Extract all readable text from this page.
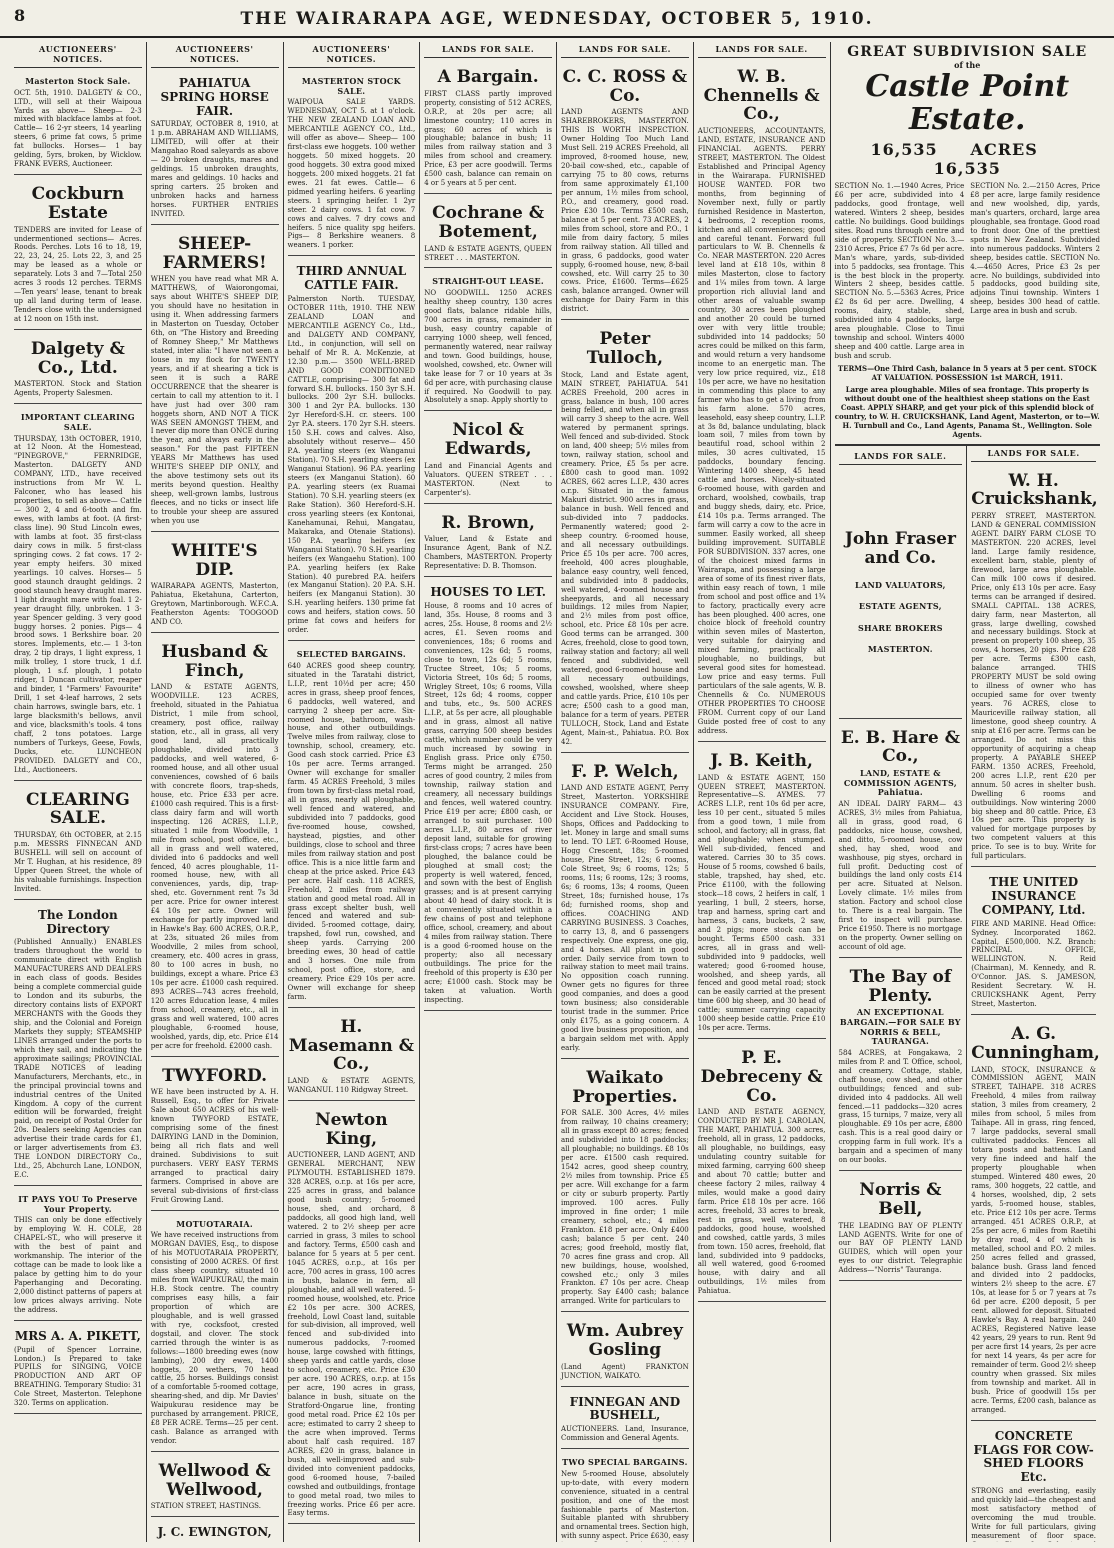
8	THE WAIRARAPA AGE, WEDNESDAY, OCTOBER 5, 1910.
AUCTIONEERS' NOTICES.
Masterton Stock Sale.
OCT. 5th, 1910. DALGETY & CO., LTD., will sell at their Waipoua Yards as above— Sheep— 2-3 mixed with blackface lambs at foot. Cattle— 16 2-yr steers, 14 yearling steers, 6 prime fat cows, 5 prime fat bullocks. Horses— 1 bay gelding, 5yrs, broken, by Wicklow. FRANK EVERS, Auctioneer.
Cockburn Estate
TENDERS are invited for Lease of undermentioned sections— Acres. Roods. Perches. Lots 16 to 18, 19, 22, 23, 24, 25. Lots 22, 3, and 25 may be leased as a whole or separately. Lots 3 and 7—Total 250 acres 3 roods 12 perches. TERMS—Ten years' lease, tenant to break up all land during term of lease. Tenders close with the undersigned at 12 noon on 15th inst.
Dalgety & Co., Ltd.
MASTERTON. Stock and Station Agents, Property Salesmen.
IMPORTANT CLEARING SALE.
THURSDAY, 13th OCTOBER, 1910, at 12 Noon. At the Homestead, "PINEGROVE," FERNRIDGE, Masterton. DALGETY AND COMPANY, LTD., have received instructions from Mr W. L. Falconer, who has leased his properties, to sell as above— Cattle— 300 2, 4 and 6-tooth and fm. ewes, with lambs at foot. (A first-class line). 90 Stud Lincoln ewes, with lambs at foot. 35 first-class dairy cows in milk. 5 first-class springing cows. 2 fat cows. 17 2-year empty heifers. 30 mixed yearlings. 10 calves. Horses— 5 good staunch draught geldings. 2 good staunch heavy draught mares. 1 light draught mare with foal. 1 2-year draught filly, unbroken. 1 3-year Spencer gelding. 3 very good buggy horses. 2 ponies. Pigs— 4 brood sows. 1 Berkshire boar. 20 stores. Implements, etc.— 1 3-ton dray, 2 tip drays, 1 light express, 1 milk trolley, 1 store truck, 1 d.f. plough, 1 s.f. plough, 1 potato ridger, 1 Duncan cultivator, reaper and binder, 1 "Farmers' Favourite" Drill, 1 set 4-leaf harrows, 2 sets chain harrows, swingle bars, etc. 1 large blacksmith's bellows, anvil and vice, blacksmith's tools. 4 tons chaff, 2 tons potatoes. Large numbers of Turkeys, Geese, Fowls, Ducks, etc. LUNCHEON PROVIDED. DALGETY and CO., Ltd., Auctioneers.
CLEARING SALE.
THURSDAY, 6th OCTOBER, at 2.15 p.m. MESSRS FINNECAN AND BUSHELL will sell on account of Mr T. Hughan, at his residence, 89 Upper Queen Street, the whole of his valuable furnishings. Inspection Invited.
The London Directory
(Published Annually.) ENABLES traders throughout the world to communicate direct with English MANUFACTURERS AND DEALERS in each class of goods. Besides being a complete commercial guide to London and its suburbs, the directory contains lists of EXPORT MERCHANTS with the Goods they ship, and the Colonial and Foreign Markets they supply; STEAMSHIP LINES arranged under the ports to which they sail, and indicating the approximate sailings; PROVINCIAL TRADE NOTICES of leading Manufacturers, Merchants, etc., in the principal provincial towns and industrial centres of the United Kingdom. A copy of the current edition will be forwarded, freight paid, on receipt of Postal Order for 20s. Dealers seeking Agencies can advertise their trade cards for £1, or larger advertisements from £3. THE LONDON DIRECTORY Co., Ltd., 25, Abchurch Lane, LONDON, E.C.
IT PAYS YOU To Preserve Your Property.
THIS can only be done effectively by employing W. H. COLE, 28 CHAPEL-ST., who will preserve it with the best of paint and workmanship. The interior of the cottage can be made to look like a palace by getting him to do your Paperhanging and Decorating. 2,000 distinct patterns of papers at low prices always arriving. Note the address.
MRS A. A. PIKETT,
(Pupil of Spencer Lorraine, London.) Is Prepared to take PUPILS for SINGING, VOICE PRODUCTION AND ART OF BREATHING. Temporary Studio: 31 Cole Street, Masterton. Telephone 320. Terms on application.
AUCTIONEERS' NOTICES.
PAHIATUA SPRING HORSE FAIR.
SATURDAY, OCTOBER 8, 1910, at 1 p.m. ABRAHAM AND WILLIAMS, LIMITED, will offer at their Mangahao Road saleyards as above— 20 broken draughts, mares and geldings. 15 unbroken draughts, mares and geldings. 10 hacks and spring carters. 25 broken and unbroken hacks and harness horses. FURTHER ENTRIES INVITED.
SHEEP-FARMERS!
WHEN you have read what MR A. MATTHEWS, of Waiorongomai, says about WHITE'S SHEEP DIP, you should have no hesitation in using it. When addressing farmers in Masterton on Tuesday, October 6th, on "The History and Breeding of Romney Sheep," Mr Matthews stated, inter alia: "I have not seen a louse in my flock for TWENTY years, and if at shearing a tick is seen it is such a RARE OCCURRENCE that the shearer is certain to call my attention to it. I have just had over 300 ram hoggets shorn, AND NOT A TICK WAS SEEN AMONGST THEM, and I never dip more than ONCE during the year, and always early in the season." For the past FIFTEEN YEARS Mr Matthews has used WHITE'S SHEEP DIP ONLY, and the above testimony sets out its merits beyond question. Healthy sheep, well-grown lambs, lustrous fleeces, and no ticks or insect life to trouble your sheep are assured when you use
WHITE'S DIP.
WAIRARAPA AGENTS, Masterton, Pahiatua, Eketahuna, Carterton, Greytown, Martinborough. W.F.C.A. Featherston Agents: TOOGOOD AND CO.
Husband & Finch,
LAND & ESTATE AGENTS, WOODVILLE. 123 ACRES, freehold, situated in the Pahiatua District, 1 mile from school, creamery, post office, railway station, etc., all in grass, all very good land, all practically ploughable, divided into 3 paddocks, and well watered, 6-roomed house, and all other usual conveniences, cowshed of 6 bails with concrete floors, trap-sheds, house, etc. Price £33 per acre. £1000 cash required. This is a first-class dairy farm and will worth inspecting. 126 ACRES, L.I.P., situated 1 mile from Woodville, 1 mile from school, post office, etc., all in grass and well watered, divided into 6 paddocks and well fenced, 40 acres ploughable, 11-roomed house, new, with all conveniences, yards, dip, trap-shed, etc. Government rent 7s 3d per acre. Price for owner interest £4 10s per acre. Owner will exchange for partly improved land in Hawke's Bay. 600 ACRES, O.R.P., at 23s, situated 26 miles from Woodville, 2 miles from school, creamery, etc. 400 acres in grass, 80 to 100 acres in bush, no buildings, except a whare. Price £3 10s per acre. £1000 cash required. 893 ACRES—743 acres freehold, 120 acres Education lease, 4 miles from school, creamery, etc., all in grass and well watered, 100 acres ploughable, 6-roomed house, woolshed, yards, dip, etc. Price £14 per acre for freehold. £2000 cash.
TWYFORD.
WE have been instructed by A. H. Russell, Esq., to offer for Private Sale about 650 ACRES of his well-known TWYFORD ESTATE, comprising some of the finest DAIRYING LAND in the Dominion, being all rich flats and well drained. Subdivisions to suit purchasers. VERY EASY TERMS arranged to practical dairy farmers. Comprised in above are several sub-divisions of first-class Fruit Growing Land.
MOTUOTARAIA.
We have received instructions from MORGAN DAVIES, Esq., to dispose of his MOTUOTARAIA PROPERTY, consisting of 2000 ACRES. Of first class sheep country, situated 10 miles from WAIPUKURAU, the main H.B. Stock centre. The country comprises easy hills, a fair proportion of which are ploughable, and is well grassed with rye, cocksfoot, crested dogstail, and clover. The stock carried through the winter is as follows:—1800 breeding ewes (now lambing), 200 dry ewes, 1400 hoggets, 20 wethers, 70 head cattle, 25 horses. Buildings consist of a comfortable 5-roomed cottage, shearing-shed, and dip. Mr Davies' Waipukurau residence may be purchased by arrangement. PRICE, £8 PER ACRE. Terms—25 per cent. cash. Balance as arranged with vendor.
Wellwood & Wellwood,
STATION STREET, HASTINGS.
J. C. EWINGTON,
AUCTIONEERS' NOTICES.
MASTERTON STOCK SALE.
WAIPOUA SALE YARDS. WEDNESDAY, OCT 5. at 1 o'clock. THE NEW ZEALAND LOAN AND MERCANTILE AGENCY CO., Ltd., will offer as above— Sheep— 100 first-class ewe hoggets. 100 wether hoggets. 50 mixed hoggets. 20 good hoggets. 30 extra good mixed hoggets. 200 mixed hoggets. 21 fat ewes. 21 fat ewes. Cattle— 6 pidmed yearling heifers. 6 yearling steers. 1 springing heifer. 1 2yr steer. 2 dairy cows. 1 fat cow. 7 cows and calves. 7 dry cows and heifers. 5 nice quality spg heifers. Pigs— 8 Berkshire weaners. 8 weaners. 1 porker.
THIRD ANNUAL CATTLE FAIR.
Palmerston North. TUESDAY, OCTOBER 11th, 1910. THE NEW ZEALAND LOAN and MERCANTILE AGENCY Co., Ltd., and DALGETY AND COMPANY, Ltd., in conjunction, will sell on behalf of Mr R. A. McKenzie, at 12.30 p.m.— 3500 WELL-BRED AND GOOD CONDITIONED CATTLE, comprising— 300 fat and forward S.H. bullocks. 150 3yr S.H. bullocks. 200 2yr S.H. bullocks. 300 1 and 2yr P.A. bullocks. 130 2yr Hereford-S.H. cr. steers. 100 2yr P.A. steers. 170 2yr S.H. steers. 150 S.H. cows and calves. Also, absolutely without reserve— 450 P.A. yearling steers (ex Wanganui Station). 70 S.H. yearling steers (ex Wanganui Station). 96 P.A. yearling steers (ex Manganui Station). 60 P.A. yearling steers (ex Ruamai Station). 70 S.H. yearling steers (ex Rake Station). 360 Hereford-S.H. cross yearling steers (ex Kontonai, Kanehamunai, Rehui, Mangatau, Makaraka, and Otenaie Stations). 150 P.A. yearling heifers (ex Wanganui Station). 70 S.H. yearling heifers (ex Wangaehu Station). 100 P.A. yearling heifers (ex Rake Station). 40 purebred P.A. heifers (ex Manganui Station). 20 P.A. S.H. heifers (ex Manganui Station). 30 S.H. yearling heifers. 130 prime fat cows and heifers, station cows. 50 prime fat cows and heifers for order.
SELECTED BARGAINS.
640 ACRES good sheep country, situated in the Taratahi district, L.I.P., rent 10½d per acre; 450 acres in grass, sheep proof fences, 6 paddocks, well watered, and carrying 2 sheep per acre. Six-roomed house, bathroom, wash-house, and other outbuildings. Twelve miles from railway, close to township, school, creamery, etc. Good cash stock carried. Price £3 10s per acre. Terms arranged. Owner will exchange for smaller farm. 45 ACRES Freehold, 3 miles from town by first-class metal road, all in grass, nearly all ploughable, well fenced and watered, and subdivided into 7 paddocks, good five-roomed house, cowshed, haystead, pigsties, and other buildings, close to school and three miles from railway station and post office. This is a nice little farm and cheap at the price asked. Price £43 per acre. Half cash. 118 ACRES, Freehold, 2 miles from railway station and good metal road. All in grass except shelter bush, well fenced and watered and sub-divided. 5-roomed cottage, dairy, trapshed, fowl run, cowshed, and sheep yards. Carrying 200 breeding ewes, 30 head of cattle and 3 horses. One mile from school, post office, store, and creamery. Price £29 10s per acre. Owner will exchange for sheep farm.
H. Masemann & Co.,
LAND & ESTATE AGENTS, WANGANUI. 110 Ridgway Street.
Newton King,
AUCTIONEER, LAND AGENT, AND GENERAL MERCHANT, NEW PLYMOUTH. ESTABLISHED 1879. 328 ACRES, o.r.p. at 16s per acre, 225 acres in grass, and balance good bush country; 5-roomed house, shed, and orchard, 8 paddocks, all good high land, well watered. 2 to 2½ sheep per acre carried in grass, 3 miles to school and factory. Terms, £500 cash and balance for 5 years at 5 per cent. 1045 ACRES, o.r.p., at 16s per acre, 700 acres in grass, 100 acres in bush, balance in fern, all ploughable, and all well watered. 5-roomed house, woolshed, etc. Price £2 10s per acre. 300 ACRES, freehold, Lowl Coast land, suitable for sub-division, all improved, well fenced and sub-divided into numerous paddocks, 7-roomed house, large cowshed with fittings, sheep yards and cattle yards, close to school, creamery, etc. Price £30 per acre. 190 ACRES, o.r.p. at 15s per acre, 190 acres in grass, balance in bush, situate on the Stratford-Ongarue line, fronting good metal road. Price £2 10s per acre; estimated to carry 2 sheep to the acre when improved. Terms about half cash required. 187 ACRES, £20 in grass, balance in bush, all well-improved and sub-divided into convenient paddocks, good 6-roomed house, 7-bailed cowshed and outbuildings, frontage to good metal road, two miles to freezing works. Price £6 per acre. Easy terms.
LANDS FOR SALE.
A Bargain.
FIRST CLASS partly improved property, consisting of 512 ACRES, O.R.P., at 20s per acre; all limestone country; 110 acres in grass; 60 acres of which is ploughable; balance in bush; 11 miles from railway station and 3 miles from school and creamery. Price, £3 per acre goodwill. Terms £500 cash, balance can remain on 4 or 5 years at 5 per cent.
Cochrane & Botement,
LAND & ESTATE AGENTS, QUEEN STREET . . . MASTERTON.
STRAIGHT-OUT LEASE.
NO GOODWILL. 1250 ACRES healthy sheep country, 130 acres good flats, balance ridable hills, 700 acres in grass, remainder in bush, easy country capable of carrying 1000 sheep, well fenced, permanently watered, near railway and town. Good buildings, house, woolshed, cowshed, etc. Owner will take lease for 7 or 10 years at 3s 6d per acre, with purchasing clause if required. No Goodwill to pay. Absolutely a snap. Apply shortly to
Nicol & Edwards,
Land and Financial Agents and Valuators. QUEEN STREET . . . MASTERTON. (Next to Carpenter's).
R. Brown,
Valuer, Land & Estate and Insurance Agent, Bank of N.Z. Chambers, MASTERTON. Property Representative: D. B. Thomson.
HOUSES TO LET.
House, 8 rooms and 10 acres of land, 35s. House, 8 rooms and 3 acres, 25s. House, 8 rooms and 2½ acres, £1. Seven rooms and conveniences, 18s; 6 rooms and conveniences, 12s 6d; 5 rooms, close to town, 12s 6d; 5 rooms, Tructee Street, 10s; 5 rooms, Victoria Street, 10s 6d; 5 rooms, Wrigley Street, 10s; 6 rooms, Villa Street, 12s 6d; 4 rooms, copper and tubs, etc., 9s. 500 ACRES L.I.P., at 5s per acre, all ploughable and in grass, almost all native grass, carrying 500 sheep besides cattle, which number could be very much increased by sowing in English grass. Price only £750. Terms might be arranged. 250 acres of good country, 2 miles from township, railway station and creamery, all necessary buildings and fences, well watered country. Price £19 per acre; £800 cash, or arranged to suit purchaser. 100 acres L.I.P., 80 acres of river deposit land, suitable for growing first-class crops; 7 acres have been ploughed, the balance could be ploughed at small cost; the property is well watered, fenced, and sown with the best of English grasses; and is at present carrying about 40 head of dairy stock. It is at conveniently situated within a few chains of post and telephone office, school, creamery, and about 4 miles from railway station. There is a good 6-roomed house on the property; also all necessary outbuildings. The price for the freehold of this property is £30 per acre; £1000 cash. Stock may be taken at valuation. Worth inspecting.
LANDS FOR SALE.
C. C. ROSS & Co.
LAND AGENTS AND SHAREBROKERS, MASTERTON. THIS IS WORTH INSPECTION. Owner Holding Too Much Land Must Sell. 219 ACRES Freehold, all improved, 8-roomed house, new, 20-bail cow-shed, etc., capable of carrying 75 to 80 cows, returns from same approximately £1,100 per annum, 1½ miles from school, P.O., and creamery, good road. Price £30 10s. Terms £500 cash, balance at 5 per cent. 73 ACRES, 2 miles from school, store and P.O., 1 mile from dairy factory, 5 miles from railway station. All tilled and in grass, 6 paddocks, good water supply, 6-roomed house, new, 8-bail cowshed, etc. Will carry 25 to 30 cows. Price, £1600. Terms—£625 cash, balance arranged. Owner will exchange for Dairy Farm in this district.
Peter Tulloch,
Stock, Land and Estate agent, MAIN STREET, PAHIATUA. 541 ACRES Freehold, 200 acres in grass, balance in bush, 100 acres being felled, and when all in grass will carry 3 sheep to the acre. Well watered by permanent springs. Well fenced and sub-divided. Stock on land, 400 sheep; 5½ miles from town, railway station, school and creamery. Price, £5 5s per acre. £800 cash to good man. 1092 ACRES, 662 acres L.I.P., 430 acres o.r.p. Situated in the famous Makuri district. 900 acres in grass, balance in bush. Well fenced and sub-divided into 7 paddocks. Permanently watered; good 2-sheep country. 6-roomed house, and all necessary outbuildings. Price £5 10s per acre. 700 acres, freehold, 400 acres ploughable, balance easy country, well fenced, and subdivided into 8 paddocks, well watered, 4-roomed house and sheepyards, and all necessary buildings. 12 miles from Napier, and 2½ miles from post office, school, etc. Price £8 10s per acre. Good terms can be arranged. 300 Acres, freehold, close to good town, railway station and factory; all well fenced and subdivided, well watered, good 6-roomed house and all necessary outbuildings, cowshed, woolshed, where sheep and cattle yards. Price, £10 10s per acre; £500 cash to a good man, balance for a term of years. PETER TULLOCH, Stock, Land and Estate Agent, Main-st., Pahiatua. P.O. Box 42.
F. P. Welch,
LAND AND ESTATE AGENT, Perry Street, Masterton. YORKSHIRE INSURANCE COMPANY. Fire, Accident and Live Stock. Houses, Shops, Offices and Paddocking to let. Money in large and small sums to lend. TO LET. 6-Roomed House, Hogg Crescent, 18s; 5-roomed house, Pine Street, 12s; 6 rooms, Cole Street, 9s; 6 rooms, 12s; 5 rooms, 11s; 6 rooms, 12s; 3 rooms, 6s; 6 rooms, 13s; 4 rooms, Queen Street, 18s; furnished house, 17s 6d; furnished rooms, shop and offices. COACHING AND CARRYING BUSINESS. 3 Coaches, to carry 13, 8, and 6 passengers respectively. One express, one gig, and 4 horses. All plant in good order. Daily service from town to railway station to meet mail trains. No opposition coach running. Owner gets no figures for three good companies, and does a good town business; also considerable tourist trade in the summer. Price only £175, as a going concern. A good live business proposition, and a bargain seldom met with. Apply early.
Waikato Properties.
FOR SALE. 300 Acres, 4½ miles from railway, 10 chains creamery; all in grass except 80 acres; fenced and subdivided into 18 paddocks; all ploughable; no buildings. £8 10s per acre. £1500 cash required. 1542 acres, good sheep country, 2½ miles from township. Price £5 per acre. Will exchange for a farm or city or suburb property. Partly improved. 100 acres. Fully improved in fine order; 1 mile creamery, school, etc.; 4 miles Frankton. £18 per acre. Only £400 cash; balance 5 per cent. 240 acres; good freehold, mostly flat, 70 acres fine grass and crop. All new buildings, house, woolshed, cowshed etc.; only 3 miles Frankton. £7 10s per acre. Cheap property. Say £400 cash; balance arranged. Write for particulars to
Wm. Aubrey Gosling
(Land Agent) FRANKTON JUNCTION, WAIKATO.
FINNEGAN AND BUSHELL,
AUCTIONEERS. Land, Insurance, Commission and General Agents.
TWO SPECIAL BARGAINS.
New 5-roomed House, absolutely up-to-date, with every modern convenience, situated in a central position, and one of the most fashionable parts of Masterton. Suitable planted with shrubbery and ornamental trees. Section high, with sunny aspect. Price £630, easy
LANDS FOR SALE.
W. B. Chennells & Co.,
AUCTIONEERS, ACCOUNTANTS, LAND, ESTATE, INSURANCE AND FINANCIAL AGENTS. PERRY STREET, MASTERTON. The Oldest Established and Principal Agency in the Wairarapa. FURNISHED HOUSE WANTED. FOR two months, from beginning of November next, fully or partly furnished Residence in Masterton, 4 bedrooms, 2 reception rooms, kitchen and all conveniences; good and careful tenant. Forward full particulars to W. B. Chennells & Co. NEAR MASTERTON. 220 Acres level land at £18 10s, within 8 miles Masterton, close to factory and 1¼ miles from town. A large proportion rich alluvial land and other areas of valuable swamp country, 30 acres been ploughed and another 20 could be turned over with very little trouble; subdivided into 14 paddocks; 50 acres could be milked on this farm, and would return a very handsome income to an energetic man. The very low price required, viz., £18 10s per acre, we have no hesitation in commending this place to any farmer who has to get a living from his farm alone. 570 acres, leasehold, easy sheep country, L.I.P. at 3s 8d, balance undulating, black loam soil, 7 miles from town by beautiful road, school within 2 miles, 30 acres cultivated, 15 paddocks, boundary fencing. Wintering 1400 sheep, 45 head cattle and horses. Nicely-situated 6-roomed house, with garden and orchard, woolshed, cowbails, trap and buggy sheds, dairy, etc. Price, £14 10s p.a. Terms arranged. The farm will carry a cow to the acre in summer. Easily worked, all sheep building improvement. SUITABLE FOR SUBDIVISION. 337 acres, one of the choicest mixed farms in Wairarapa, and possessing a large area of some of its finest river flats, within easy reach of town, 1 mile from school and post office and 1¾ to factory, practically every acre has been ploughed. 400 acres, one choice block of freehold country within seven miles of Masterton, very suitable for dairying and mixed farming, practically all ploughable, no buildings, but several good sites for homestead. Low price and easy terms. Full particulars of the sale agents, W. B. Chennells & Co. NUMEROUS OTHER PROPERTIES TO CHOOSE FROM. Current copy of our Land Guide posted free of cost to any address.
J. B. Keith,
LAND & ESTATE AGENT, 150 QUEEN STREET, MASTERTON. Representative—S. AYMES. 77 ACRES L.I.P., rent 10s 6d per acre, less 10 per cent., situated 5 miles from a good town, 1 mile from school, and factory; all in grass, flat and ploughable; when stumped. Well sub-divided, fenced and watered. Carries 30 to 35 cows. House of 5 rooms, cowshed 6 bails, stable, trapshed, hay shed, etc. Price £1100, with the following stock—18 cows, 2 heifers in calf, 1 yearling, 1 bull, 2 steers, horse, trap and harness, spring cart and harness, 3 cans, buckets, 2 saw, and 2 pigs; more stock can be bought. Terms £500 cash. 331 acres, all in grass and well-subdivided into 9 paddocks, well watered; good 6-roomed house, woolshed, and sheep yards, all fenced and good metal road; stock can be easily carried at the present time 600 big sheep, and 30 head of cattle; summer carrying capacity 1000 sheep beside cattle. Price £10 10s per acre. Terms.
P. E. Debreceny & Co.
LAND AND ESTATE AGENCY, CONDUCTED BY MR J. CAROLAN, THE MART, PAHIATUA. 300 acres, freehold, all in grass, 12 paddocks, all ploughable, no buildings, easy undulating country suitable for mixed farming, carrying 600 sheep and about 70 cattle; butter and cheese factory 2 miles, railway 4 miles, would make a good dairy farm. Price £18 10s per acre. 166 acres, freehold, 33 acres to break, rest in grass, well watered, 8 paddocks, good house, woolshed and cowshed, cattle yards, 3 miles from town. 150 acres, freehold, flat land, subdivided into 9 paddocks, all well watered, good 6-roomed house, with dairy and all outbuildings, 1½ miles from Pahiatua.
GREAT SUBDIVISION SALE
of the
Castle Point Estate.
16,535 ACRES     16,535
SECTION No. 1.—1940 Acres, Price £6 per acre, subdivided into 4 paddocks, good frontage, well watered. Winters 2 sheep, besides cattle. No buildings. Good buildings sites. Road runs through centre and side of property. SECTION No. 3.—2310 Acres, Price £7 7s 6d per acre. Man's whare, yards, sub-divided into 5 paddocks, sea frontage. This is the best block in the property. Winters 2 sheep, besides cattle. SECTION No. 5.—5363 Acres, Price £2 8s 6d per acre. Dwelling, 4 rooms, dairy, stable, shed, subdivided into 4 paddocks, large area ploughable. Close to Tinui township and school. Winters 4000 sheep and 400 cattle. Large area in bush and scrub.
SECTION No. 2.—2150 Acres, Price £8 per acre, large family residence and new woolshed, dip, yards, man's quarters, orchard, large area ploughable, sea frontage. Good road to front door. One of the prettiest spots in New Zealand. Subdivided into numerous paddocks. Winters 2 sheep, besides cattle. SECTION No. 4.—4650 Acres, Price £3 2s per acre. No buildings, subdivided into 5 paddocks, good building site, adjoins Tinui township. Winters 1 sheep, besides 300 head of cattle. Large area in bush and scrub.
TERMS—One Third Cash, balance in 5 years at 5 per cent. STOCK AT VALUATION. POSSESSION 1st MARCH, 1911.
Large area ploughable. Miles of sea frontage. This property is without doubt one of the healthiest sheep stations on the East Coast. APPLY SHARP, and get your pick of this splendid block of country, to W. H. CRUICKSHANK, Land Agent, Masterton, or to—W. H. Turnbull and Co., Land Agents, Panama St., Wellington. Sole Agents.
LANDS FOR SALE.
John Fraser and Co.
LAND VALUATORS,
ESTATE AGENTS,
SHARE BROKERS
MASTERTON.
E. B. Hare & Co.,
LAND, ESTATE & COMMISSION AGENTS, Pahiatua.
AN IDEAL DAIRY FARM— 43 ACRES, 3½ miles from Pahiatua, all in grass, good road, 6 paddocks, nice house, cowshed, and ditto, 5-roomed house, cow shed, hay shed, wood and washhouse, pig styes, orchard in full profit. Deducting cost of buildings the land only costs £14 per acre. Situated at Nelson. Lovely climate. 1½ miles from station. Factory and school close to. There is a real bargain. The first to inspect will purchase. Price £1950. There is no mortgage on the property. Owner selling on account of old age.
The Bay of Plenty.
AN EXCEPTIONAL BARGAIN.—FOR SALE BY NORRIS & BELL, TAURANGA.
584 ACRES, at Fongakawa, 2 miles from P. and T. Office, school, and creamery. Cottage, stable, chaff house, cow shed, and other outbuildings; fenced and sub-divided into 4 paddocks. All well fenced.—11 paddocks—320 acres grass, 15 turnips, 7 maize, very all ploughable. £9 10s per acre, £800 cash. This is a real good dairy or cropping farm in full work. It's a bargain and a specimen of many on our books.
Norris & Bell,
THE LEADING BAY OF PLENTY LAND AGENTS. Write for one of our BAY OF PLENTY LAND GUIDES, which will open your eyes to our district. Telegraphic Address—"Norris" Tauranga.
LANDS FOR SALE.
W. H. Cruickshank,
PERRY STREET, MASTERTON. LAND & GENERAL COMMISSION AGENT. DAIRY FARM CLOSE TO MASTERTON. 220 ACRES, level land. Large family residence, excellent barn, stable, plenty of firewood, large area ploughable. Can milk 100 cows if desired. Price, only £13 10s per acre. Easy terms can be arranged if desired. SMALL CAPITAL. 138 ACRES, dairy farm, near Masterton, all grass, large dwelling, cowshed and necessary buildings. Stock at present on property 100 sheep, 35 cows, 4 horses, 20 pigs. Price £28 per acre. Terms £300 cash, balance arranged. THIS PROPERTY MUST be sold owing to illness of owner who has occupied same for over twenty years. 76 ACRES, close to Mauriceville railway station, all limestone, good sheep country. A snip at £16 per acre. Terms can be arranged. Do not miss this opportunity of acquiring a cheap property. A PAYABLE SHEEP FARM. 1350 ACRES, Freehold, 200 acres L.I.P., rent £20 per annum. 50 acres in shelter bush. Dwelling 6 rooms and outbuildings. Now wintering 2000 big sheep and 80 cattle. Price, £3 10s per acre. This property is valued for mortgage purposes by two competent valuers at this price. To see is to buy. Write for full particulars.
THE UNITED INSURANCE COMPANY, Ltd.
FIRE AND MARINE. Head Office: Sydney. Incorporated 1862. Capital, £500,000. N.Z. Branch: PRINCIPAL OFFICE, WELLINGTON. N. Reid (Chairman), M. Kennedy, and R. O'Connor. JAS. S. JAMESON, Resident Secretary. W. H. CRUICKSHANK Agent, Perry Street, Masterton.
A. G. Cunningham,
LAND, STOCK, INSURANCE & COMMISSION AGENT, MAIN STREET, TAIHAPE. 318 ACRES Freehold, 4 miles from railway station, 3 miles from creamery, 2 miles from school, 5 miles from Taihape. All in grass, ring fenced, 7 large paddocks, several small cultivated paddocks. Fences all totara posts and battens. Land very fine indeed and half the property ploughable when stumped. Wintered 480 ewes, 20 rams, 300 hoggets, 22 cattle, and 4 horses, woolshed, dip, 2 sets yards, 5-roomed house, stables, etc. Price £12 10s per acre. Terms arranged. 451 ACRES O.R.P., at 25s per acre, 6 miles from Raetihi by dray road, 4 of which is metalled, school and P.O. 2 miles. 250 acres felled and grassed, balance bush. Grass land fenced and divided into 2 paddocks, winters 2½ sheep to the acre. £7 10s, at lease for 5 or 7 years at 7s 6d per acre. £200 deposit, 5 per cent. allowed for deposit. Situated Hawke's Bay. A real bargain. 240 ACRES, Registered Native lease 42 years, 29 years to run. Rent 9d per acre first 14 years, 2s per acre for next 14 years, 4s per acre for remainder of term. Good 2½ sheep country when grassed. Six miles from township and market. All in bush. Price of goodwill 15s per acre. Terms, £200 cash, balance as arranged.
CONCRETE FLAGS FOR COW-SHED FLOORS Etc.
STRONG and everlasting, easily and quickly laid—the cheapest and most satisfactory method of overcoming the mud trouble. Write for full particulars, giving measurement of floor space.
